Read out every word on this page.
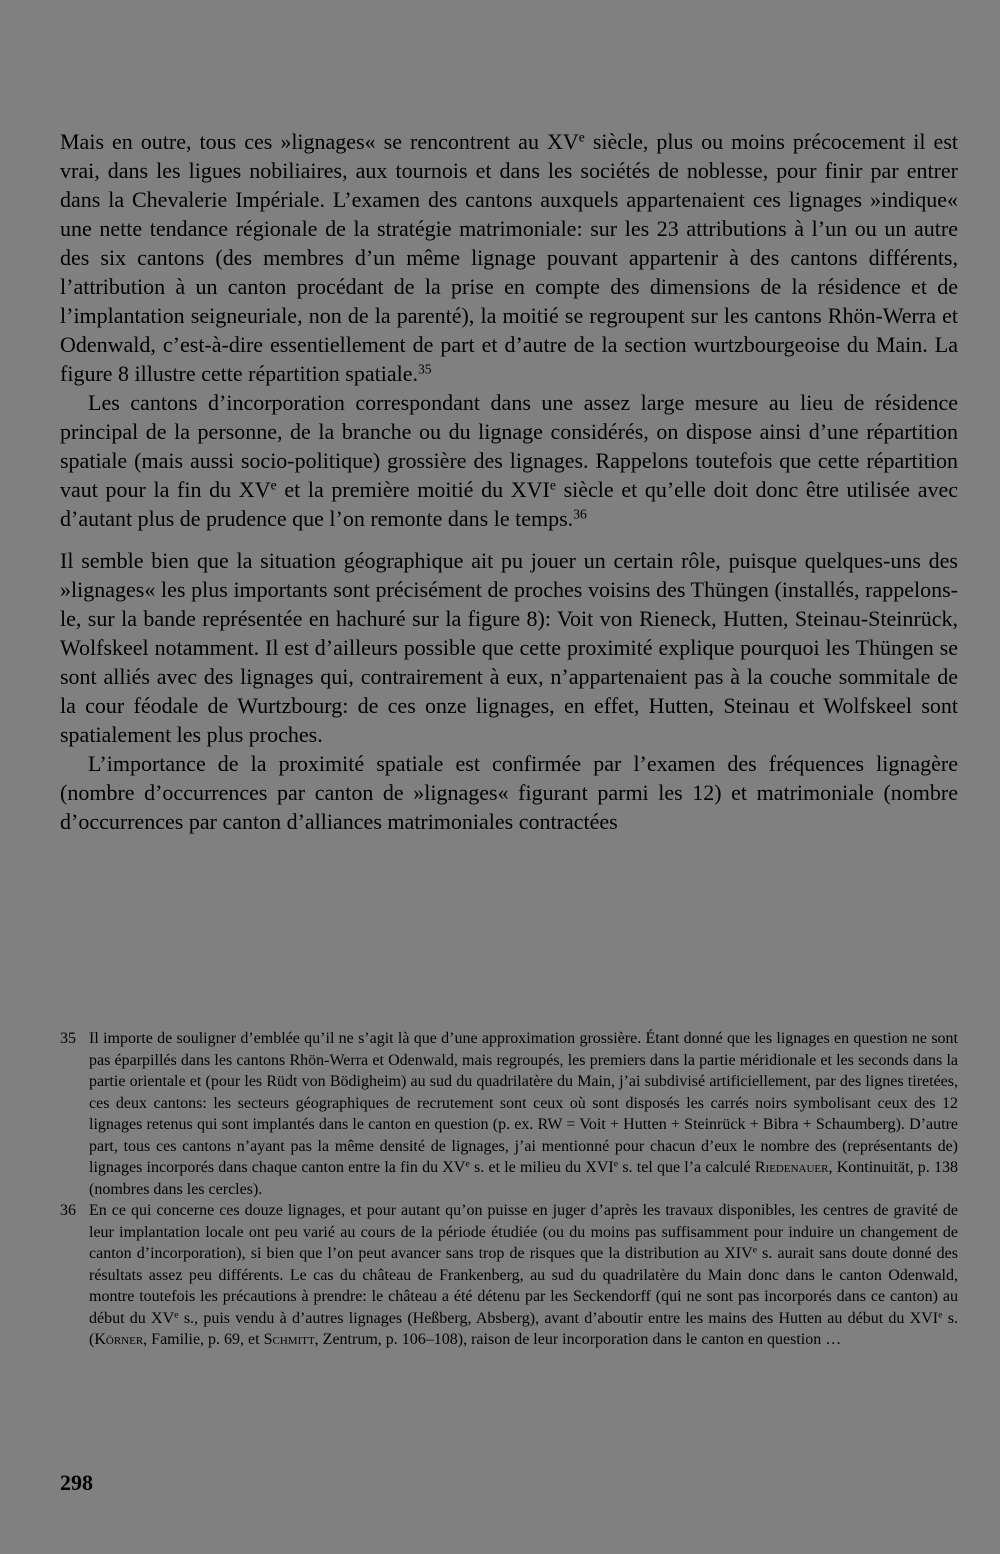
Mais en outre, tous ces »lignages« se rencontrent au XVe siècle, plus ou moins précocement il est vrai, dans les ligues nobiliaires, aux tournois et dans les sociétés de noblesse, pour finir par entrer dans la Chevalerie Impériale. L’examen des cantons auxquels appartenaient ces lignages »indique« une nette tendance régionale de la stratégie matrimoniale: sur les 23 attributions à l’un ou un autre des six cantons (des membres d’un même lignage pouvant appartenir à des cantons différents, l’attribution à un canton procédant de la prise en compte des dimensions de la résidence et de l’implantation seigneuriale, non de la parenté), la moitié se regroupent sur les cantons Rhön-Werra et Odenwald, c’est-à-dire essentiellement de part et d’autre de la section wurtzbourgeoise du Main. La figure 8 illustre cette répartition spatiale.$^{35}$

Les cantons d’incorporation correspondant dans une assez large mesure au lieu de résidence principal de la personne, de la branche ou du lignage considérés, on dispose ainsi d’une répartition spatiale (mais aussi socio-politique) grossière des lignages. Rappelons toutefois que cette répartition vaut pour la fin du XVe et la première moitié du XVIe siècle et qu’elle doit donc être utilisée avec d’autant plus de prudence que l’on remonte dans le temps.$^{36}$

Il semble bien que la situation géographique ait pu jouer un certain rôle, puisque quelques-uns des »lignages« les plus importants sont précisément de proches voisins des Thüngen (installés, rappelons-le, sur la bande représentée en hachuré sur la figure 8): Voit von Rieneck, Hutten, Steinau-Steinrück, Wolfskeel notamment. Il est d’ailleurs possible que cette proximité explique pourquoi les Thüngen se sont alliés avec des lignages qui, contrairement à eux, n’appartenaient pas à la couche sommitale de la cour féodale de Wurtzbourg: de ces onze lignages, en effet, Hutten, Steinau et Wolfskeel sont spatialement les plus proches.

L’importance de la proximité spatiale est confirmée par l’examen des fréquences lignagère (nombre d’occurrences par canton de »lignages« figurant parmi les 12) et matrimoniale (nombre d’occurrences par canton d’alliances matrimoniales contractées

35 Il importe de souligner d’emblée qu’il ne s’agit là que d’une approximation grossière. Étant donné que les lignages en question ne sont pas éparpillés dans les cantons Rhön-Werra et Odenwald, mais regroupés, les premiers dans la partie méridionale et les seconds dans la partie orientale et (pour les Rüdt von Bödigheim) au sud du quadrilatère du Main, j’ai subdivisé artificiellement, par des lignes tiretées, ces deux cantons: les secteurs géographiques de recrutement sont ceux où sont disposés les carrés noirs symbolisant ceux des 12 lignages retenus qui sont implantés dans le canton en question (p. ex. RW = Voit + Hutten + Steinrück + Bibra + Schaumberg). D’autre part, tous ces cantons n’ayant pas la même densité de lignages, j’ai mentionné pour chacun d’eux le nombre des (représentants de) lignages incorporés dans chaque canton entre la fin du XVe s. et le milieu du XVIe s. tel que l’a calculé Riedenauer, Kontinuität, p. 138 (nombres dans les cercles).
36 En ce qui concerne ces douze lignages, et pour autant qu’on puisse en juger d’après les travaux disponibles, les centres de gravité de leur implantation locale ont peu varié au cours de la période étudiée (ou du moins pas suffisamment pour induire un changement de canton d’incorporation), si bien que l’on peut avancer sans trop de risques que la distribution au XIVe s. aurait sans doute donné des résultats assez peu différents. Le cas du château de Frankenberg, au sud du quadrilatère du Main donc dans le canton Odenwald, montre toutefois les précautions à prendre: le château a été détenu par les Seckendorff (qui ne sont pas incorporés dans ce canton) au début du XVe s., puis vendu à d’autres lignages (Heßberg, Absberg), avant d’aboutir entre les mains des Hutten au début du XVIe s. (Körner, Familie, p. 69, et Schmitt, Zentrum, p. 106–108), raison de leur incorporation dans le canton en question …
298
